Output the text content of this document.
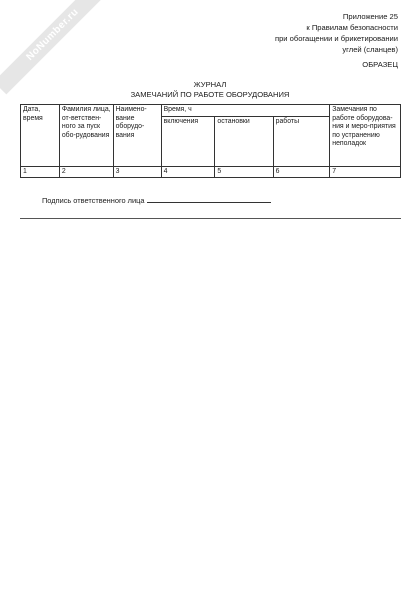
NoNumber.ru	Приложение 25
к Правилам безопасности
при обогащении и брикетировании
углей (сланцев)
ОБРАЗЕЦ
ЖУРНАЛ
ЗАМЕЧАНИЙ ПО РАБОТЕ ОБОРУДОВАНИЯ
Дата, время	Фамилия лица, от-ветствен-ного за пуск обо-рудования	Наимено-вание оборудо-вания	Время, ч			Замечания по работе оборудова-ния и меро-приятия по устранению неполадок
			включения	остановки	работы	
1	2	3	4	5	6	7
Подпись ответственного лица
